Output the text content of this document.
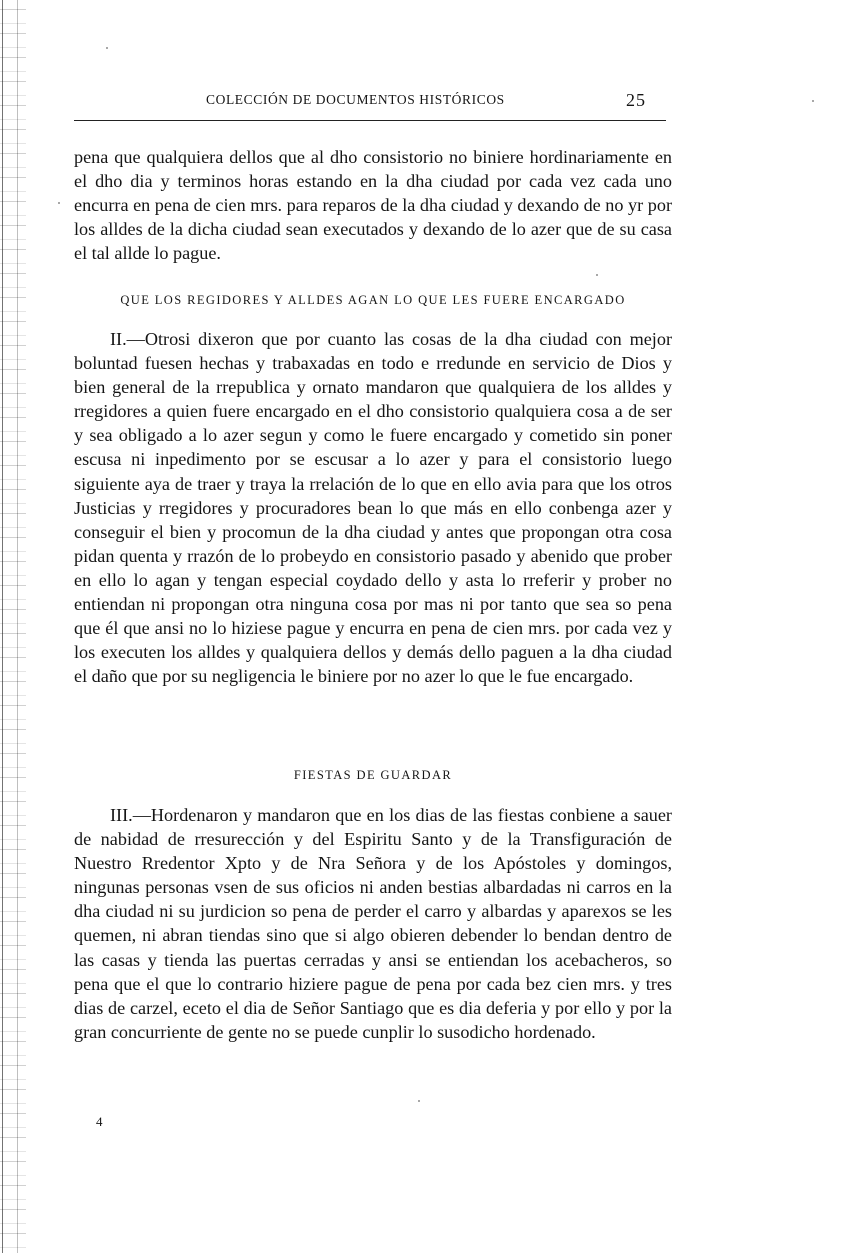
COLECCIÓN DE DOCUMENTOS HISTÓRICOS	25

pena que qualquiera dellos que al dho consistorio no biniere hordinariamente en el dho dia y terminos horas estando en la dha ciudad por cada vez cada uno encurra en pena de cien mrs. para reparos de la dha ciudad y dexando de no yr por los alldes de la dicha ciudad sean executados y dexando de lo azer que de su casa el tal allde lo pague.

QUE LOS REGIDORES Y ALLDES AGAN LO QUE LES FUERE ENCARGADO

II.—Otrosi dixeron que por cuanto las cosas de la dha ciudad con mejor boluntad fuesen hechas y trabaxadas en todo e rredunde en servicio de Dios y bien general de la rrepublica y ornato mandaron que qualquiera de los alldes y rregidores a quien fuere encargado en el dho consistorio qualquiera cosa a de ser y sea obligado a lo azer segun y como le fuere encargado y cometido sin poner escusa ni inpedimento por se escusar a lo azer y para el consistorio luego siguiente aya de traer y traya la rrelación de lo que en ello avia para que los otros Justicias y rregidores y procuradores bean lo que más en ello conbenga azer y conseguir el bien y procomun de la dha ciudad y antes que propongan otra cosa pidan quenta y rrazón de lo probeydo en consistorio pasado y abenido que prober en ello lo agan y tengan especial coydado dello y asta lo rreferir y prober no entiendan ni propongan otra ninguna cosa por mas ni por tanto que sea so pena que él que ansi no lo hiziese pague y encurra en pena de cien mrs. por cada vez y los executen los alldes y qualquiera dellos y demás dello paguen a la dha ciudad el daño que por su negligencia le biniere por no azer lo que le fue encargado.

FIESTAS DE GUARDAR

III.—Hordenaron y mandaron que en los dias de las fiestas conbiene a sauer de nabidad de rresurección y del Espiritu Santo y de la Transfiguración de Nuestro Rredentor Xpto y de Nra Señora y de los Apóstoles y domingos, ningunas personas vsen de sus oficios ni anden bestias albardadas ni carros en la dha ciudad ni su jurdicion so pena de perder el carro y albardas y aparexos se les quemen, ni abran tiendas sino que si algo obieren debender lo bendan dentro de las casas y tienda las puertas cerradas y ansi se entiendan los acebacheros, so pena que el que lo contrario hiziere pague de pena por cada bez cien mrs. y tres dias de carzel, eceto el dia de Señor Santiago que es dia deferia y por ello y por la gran concurriente de gente no se puede cunplir lo susodicho hordenado.

4
